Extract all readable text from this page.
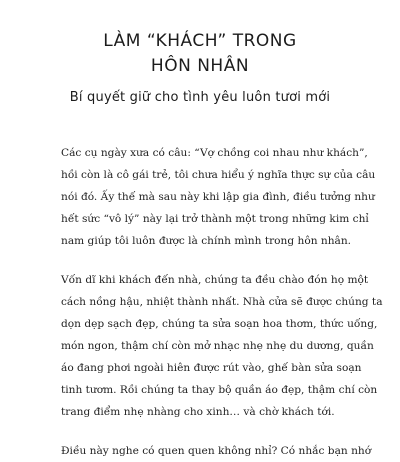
LÀM “KHÁCH” TRONG
HÔN NHÂN
Bí quyết giữ cho tình yêu luôn tươi mới
Các cụ ngày xưa có câu: “Vợ chồng coi nhau như khách”,
hồi còn là cô gái trẻ, tôi chưa hiểu ý nghĩa thực sự của câu
nói đó. Ấy thế mà sau này khi lập gia đình, điều tưởng như
hết sức “vô lý” này lại trở thành một trong những kim chỉ
nam giúp tôi luôn được là chính mình trong hôn nhân.
Vốn dĩ khi khách đến nhà, chúng ta đều chào đón họ một
cách nồng hậu, nhiệt thành nhất. Nhà cửa sẽ được chúng ta
dọn dẹp sạch đẹp, chúng ta sửa soạn hoa thơm, thức uống,
món ngon, thậm chí còn mở nhạc nhẹ nhẹ du dương, quần
áo đang phơi ngoài hiên được rút vào, ghế bàn sửa soạn
tinh tươm. Rồi chúng ta thay bộ quần áo đẹp, thậm chí còn
trang điểm nhẹ nhàng cho xinh… và chờ khách tới.
Điều này nghe có quen quen không nhỉ? Có nhắc bạn nhớ
